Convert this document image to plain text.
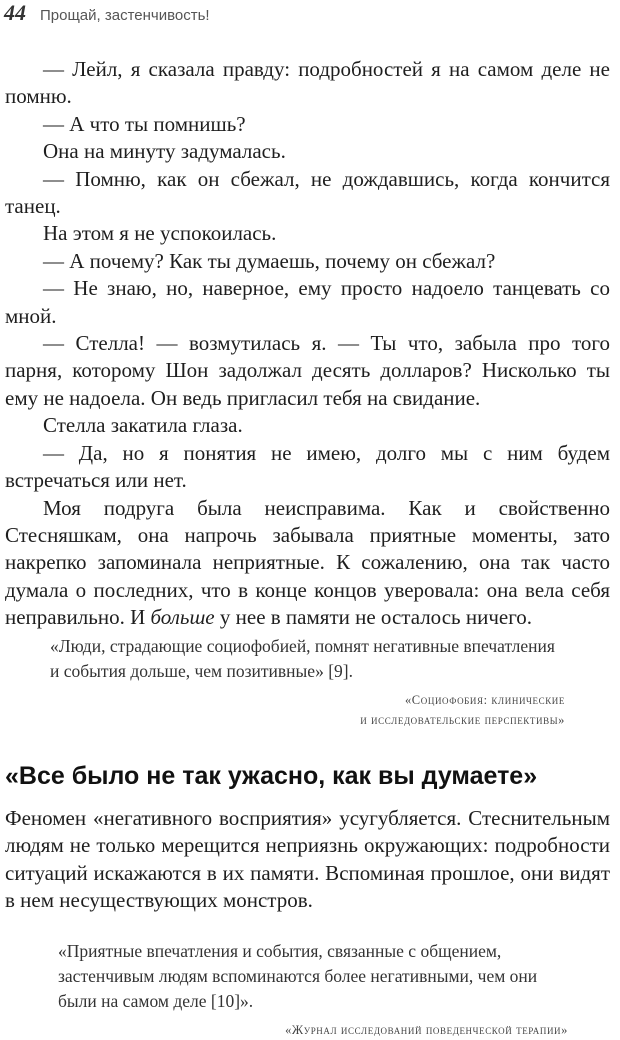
44 Прощай, застенчивость!

— Лейл, я сказала правду: подробностей я на самом деле не помню.

— А что ты помнишь?

Она на минуту задумалась.

— Помню, как он сбежал, не дождавшись, когда кончится танец.

На этом я не успокоилась.

— А почему? Как ты думаешь, почему он сбежал?

— Не знаю, но, наверное, ему просто надоело танцевать со мной.

— Стелла! — возмутилась я. — Ты что, забыла про того парня, которому Шон задолжал десять долларов? Нисколько ты ему не надоела. Он ведь пригласил тебя на свидание.

Стелла закатила глаза.

— Да, но я понятия не имею, долго мы с ним будем встречаться или нет.

Моя подруга была неисправима. Как и свойственно Стесняшкам, она напрочь забывала приятные моменты, зато накрепко запоминала неприятные. К сожалению, она так часто думала о последних, что в конце концов уверовала: она вела себя неправильно. И больше у нее в памяти не осталось ничего.

«Люди, страдающие социофобией, помнят негативные впечатления и события дольше, чем позитивные» [9].

«Социофобия: клинические
и исследовательские перспективы»

«Все было не так ужасно, как вы думаете»

Феномен «негативного восприятия» усугубляется. Стеснительным людям не только мерещится неприязнь окружающих: подробности ситуаций искажаются в их памяти. Вспоминая прошлое, они видят в нем несуществующих монстров.

«Приятные впечатления и события, связанные с общением, застенчивым людям вспоминаются более негативными, чем они были на самом деле [10]».

«Журнал исследований поведенческой терапии»
